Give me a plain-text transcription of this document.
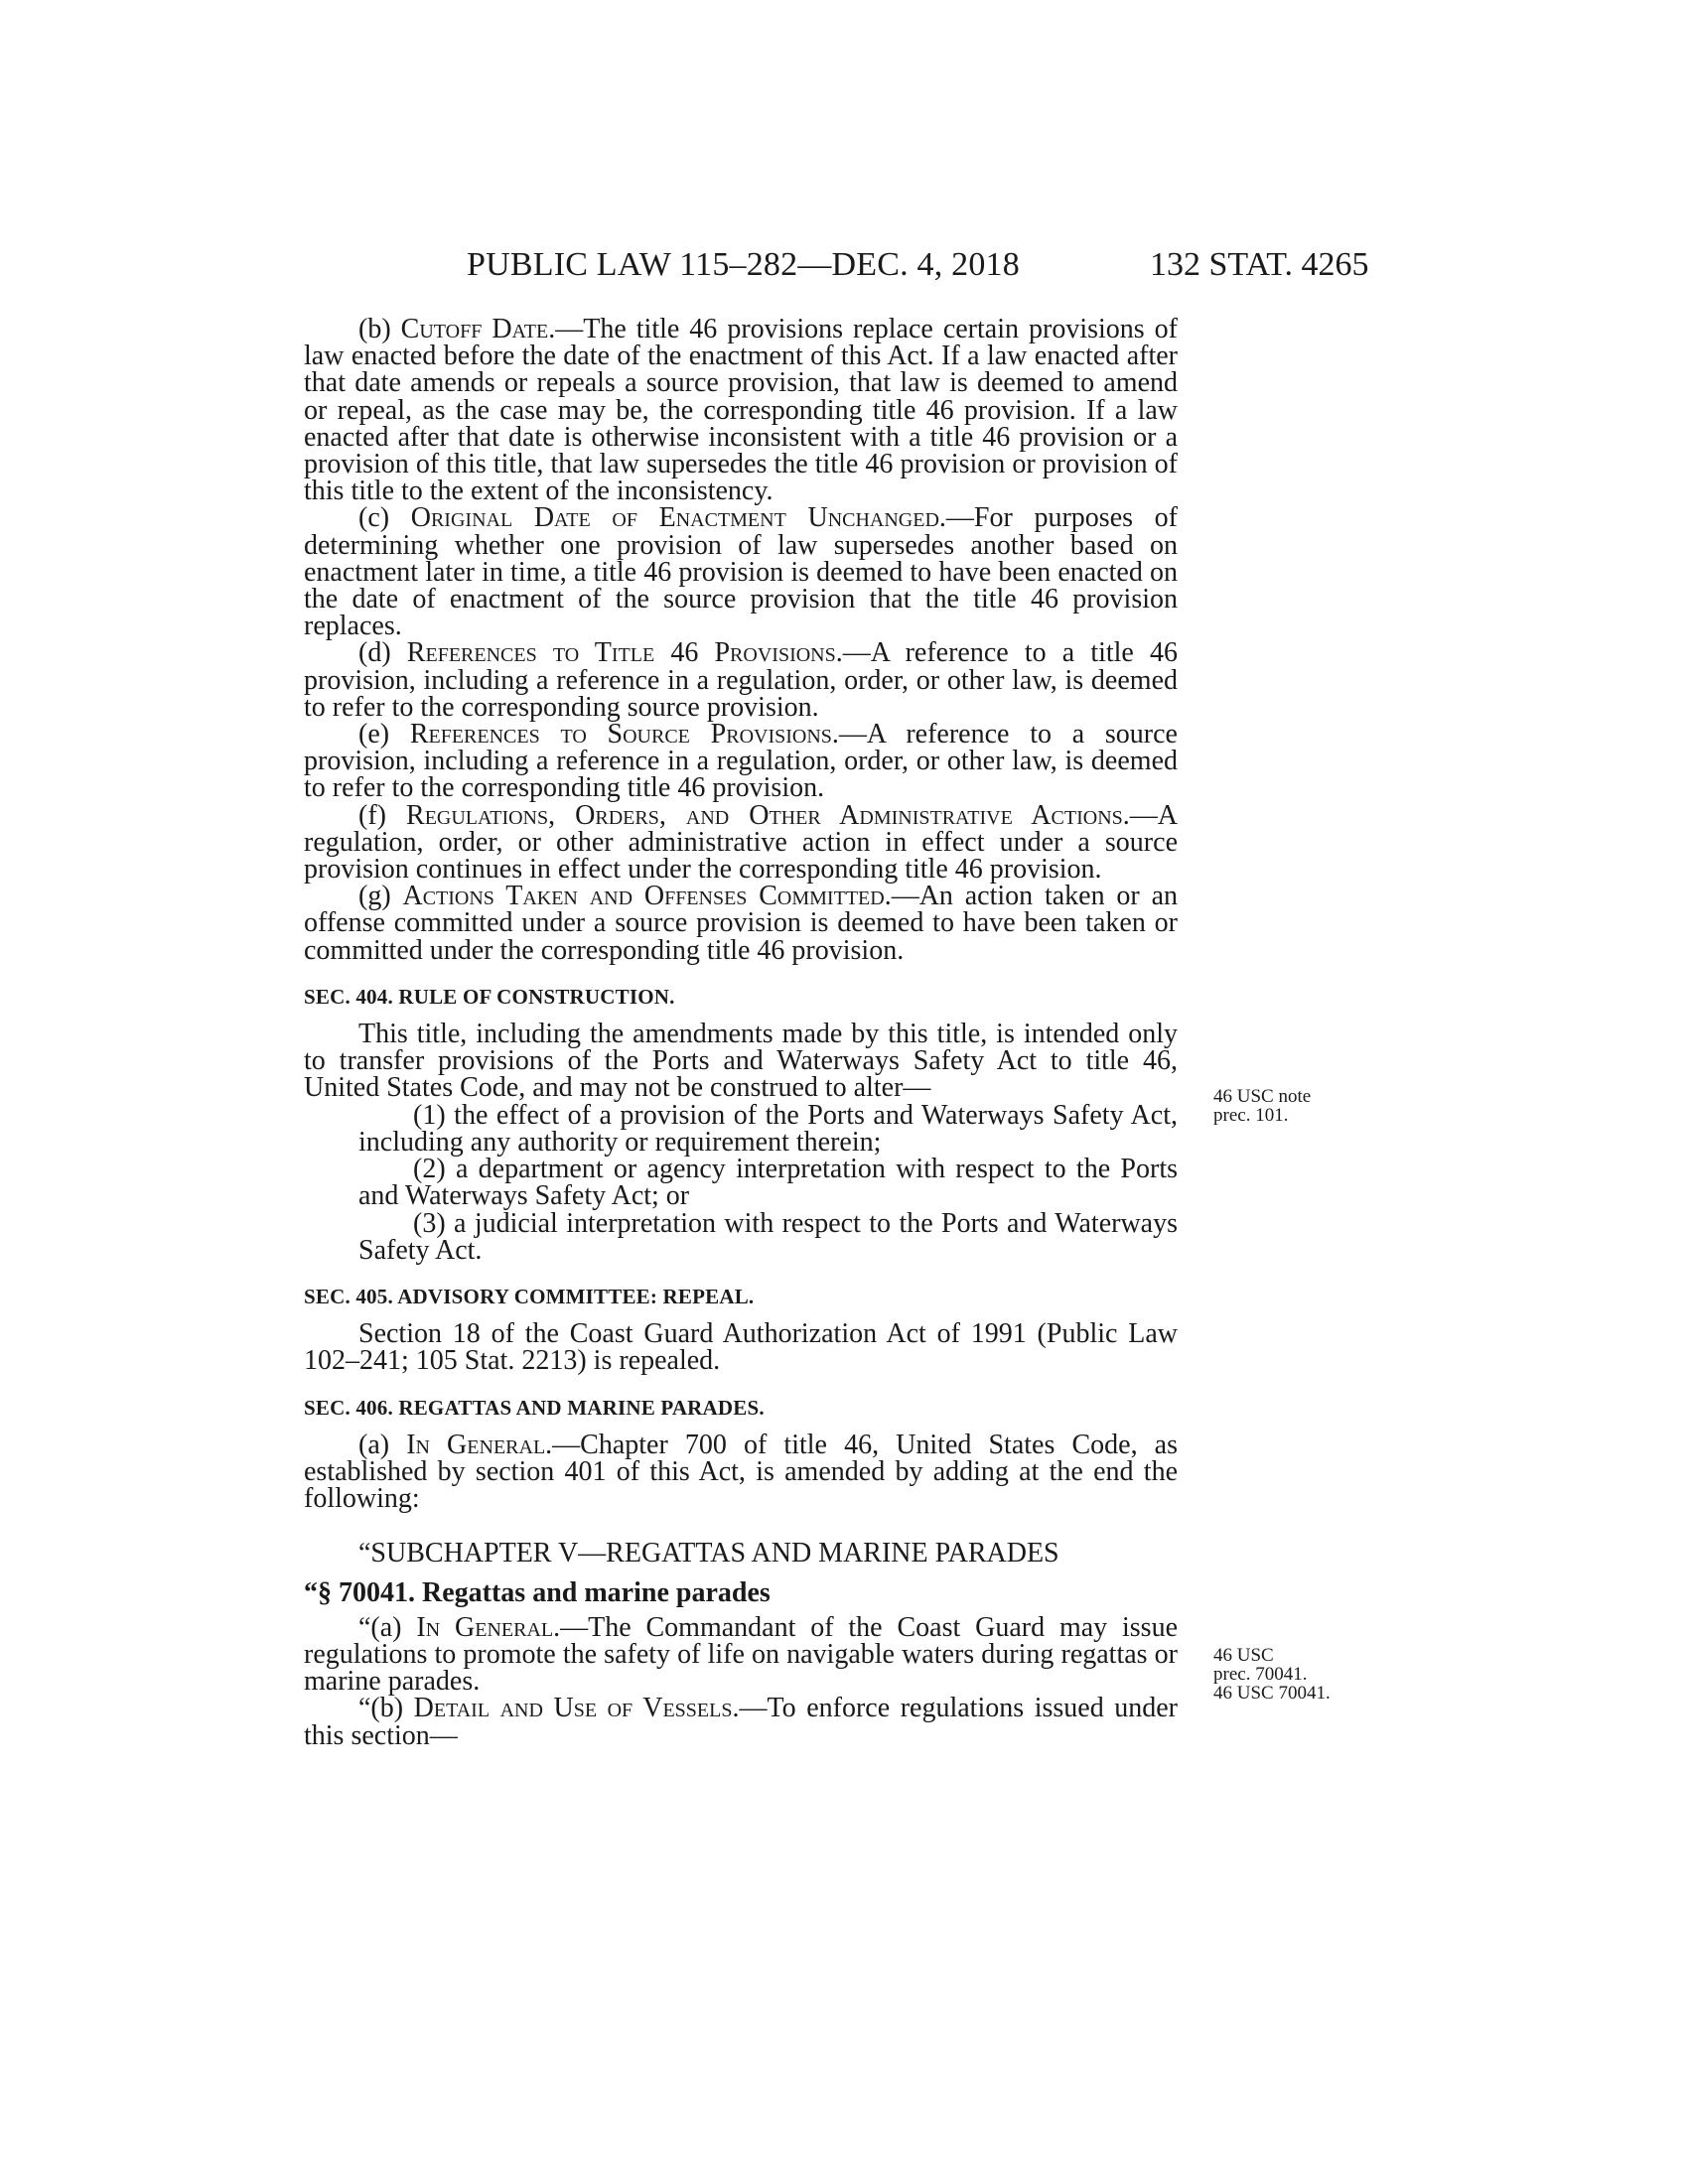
PUBLIC LAW 115–282—DEC. 4, 2018	132 STAT. 4265

(b) Cutoff Date.—The title 46 provisions replace certain provisions of law enacted before the date of the enactment of this Act. If a law enacted after that date amends or repeals a source provision, that law is deemed to amend or repeal, as the case may be, the corresponding title 46 provision. If a law enacted after that date is otherwise inconsistent with a title 46 provision or a provision of this title, that law supersedes the title 46 provision or provision of this title to the extent of the inconsistency.

(c) Original Date of Enactment Unchanged.—For purposes of determining whether one provision of law supersedes another based on enactment later in time, a title 46 provision is deemed to have been enacted on the date of enactment of the source provision that the title 46 provision replaces.

(d) References to Title 46 Provisions.—A reference to a title 46 provision, including a reference in a regulation, order, or other law, is deemed to refer to the corresponding source provision.

(e) References to Source Provisions.—A reference to a source provision, including a reference in a regulation, order, or other law, is deemed to refer to the corresponding title 46 provision.

(f) Regulations, Orders, and Other Administrative Actions.—A regulation, order, or other administrative action in effect under a source provision continues in effect under the corresponding title 46 provision.

(g) Actions Taken and Offenses Committed.—An action taken or an offense committed under a source provision is deemed to have been taken or committed under the corresponding title 46 provision.

SEC. 404. RULE OF CONSTRUCTION.

This title, including the amendments made by this title, is intended only to transfer provisions of the Ports and Waterways Safety Act to title 46, United States Code, and may not be construed to alter—

(1) the effect of a provision of the Ports and Waterways Safety Act, including any authority or requirement therein;

(2) a department or agency interpretation with respect to the Ports and Waterways Safety Act; or

(3) a judicial interpretation with respect to the Ports and Waterways Safety Act.

SEC. 405. ADVISORY COMMITTEE: REPEAL.

Section 18 of the Coast Guard Authorization Act of 1991 (Public Law 102–241; 105 Stat. 2213) is repealed.

SEC. 406. REGATTAS AND MARINE PARADES.

(a) In General.—Chapter 700 of title 46, United States Code, as established by section 401 of this Act, is amended by adding at the end the following:

“SUBCHAPTER V—REGATTAS AND MARINE PARADES
“§ 70041. Regattas and marine parades

“(a) In General.—The Commandant of the Coast Guard may issue regulations to promote the safety of life on navigable waters during regattas or marine parades.

“(b) Detail and Use of Vessels.—To enforce regulations issued under this section—

46 USC note
prec. 101.
46 USC
prec. 70041.
46 USC 70041.
